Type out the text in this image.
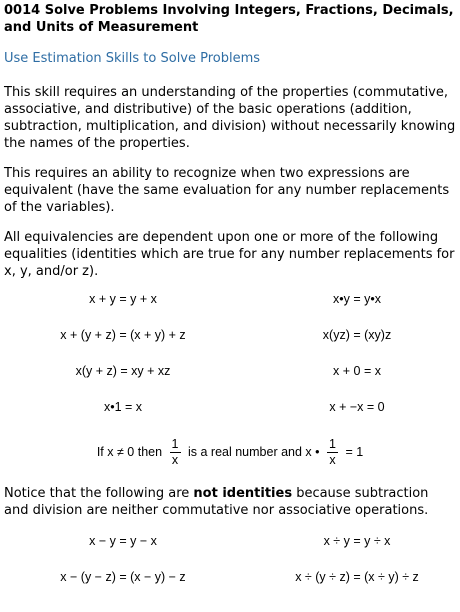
0014 Solve Problems Involving Integers, Fractions, Decimals, and Units of Measurement
Use Estimation Skills to Solve Problems
This skill requires an understanding of the properties (commutative, associative, and distributive) of the basic operations (addition, subtraction, multiplication, and division) without necessarily knowing the names of the properties.
This requires an ability to recognize when two expressions are equivalent (have the same evaluation for any number replacements of the variables).
All equivalencies are dependent upon one or more of the following equalities (identities which are true for any number replacements for x, y, and/or z).
x + y = y + x	x•y = y•x
x + (y + z) = (x + y) + z	x(yz) = (xy)z
x(y + z) = xy + xz	x + 0 = x
x•1 = x	x + −x = 0
If x ≠ 0 then $\frac{1}{x}$ is a real number and x • $\frac{1}{x} = 1$
Notice that the following are not identities because subtraction and division are neither commutative nor associative operations.
x − y = y − x	x ÷ y = y ÷ x
x − (y − z) = (x − y) − z	x ÷ (y ÷ z) = (x ÷ y) ÷ z
